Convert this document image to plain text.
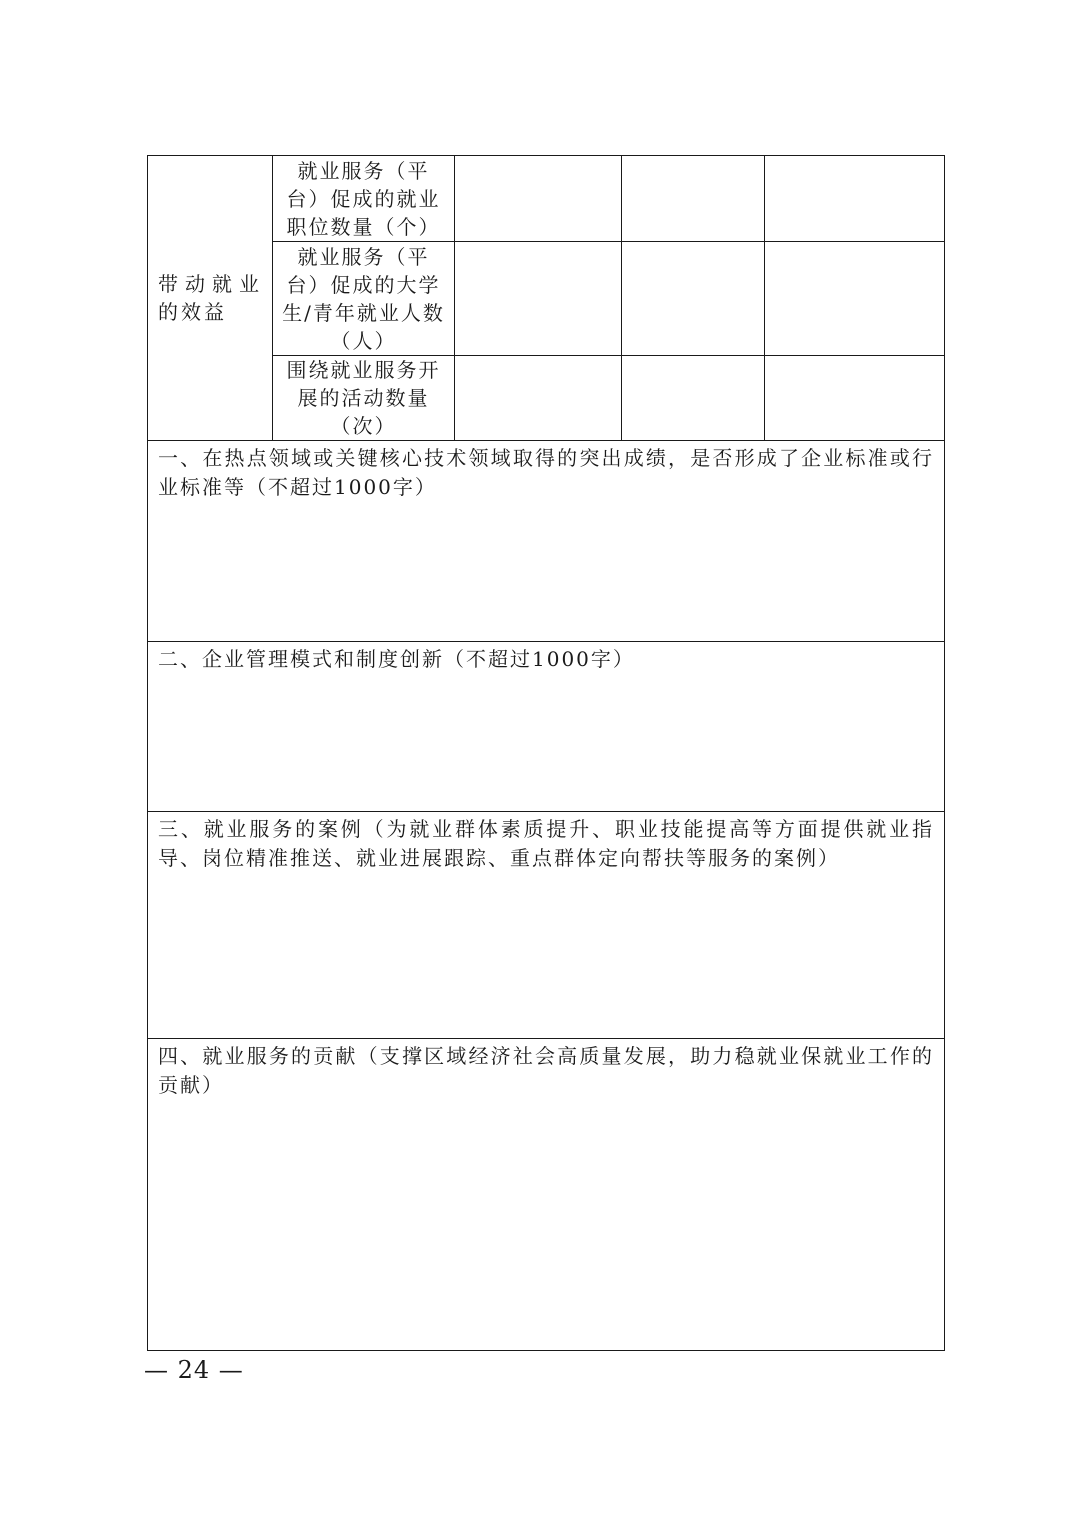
带动就业的效益	就业服务（平台）促成的就业职位数量（个）			
	就业服务（平台）促成的大学生/青年就业人数（人）			
	围绕就业服务开展的活动数量（次）			
一、在热点领域或关键核心技术领域取得的突出成绩，是否形成了企业标准或行业标准等（不超过1000字）				
二、企业管理模式和制度创新（不超过1000字）				
三、就业服务的案例（为就业群体素质提升、职业技能提高等方面提供就业指导、岗位精准推送、就业进展跟踪、重点群体定向帮扶等服务的案例）				
四、就业服务的贡献（支撑区域经济社会高质量发展，助力稳就业保就业工作的贡献）				
— 24 —
